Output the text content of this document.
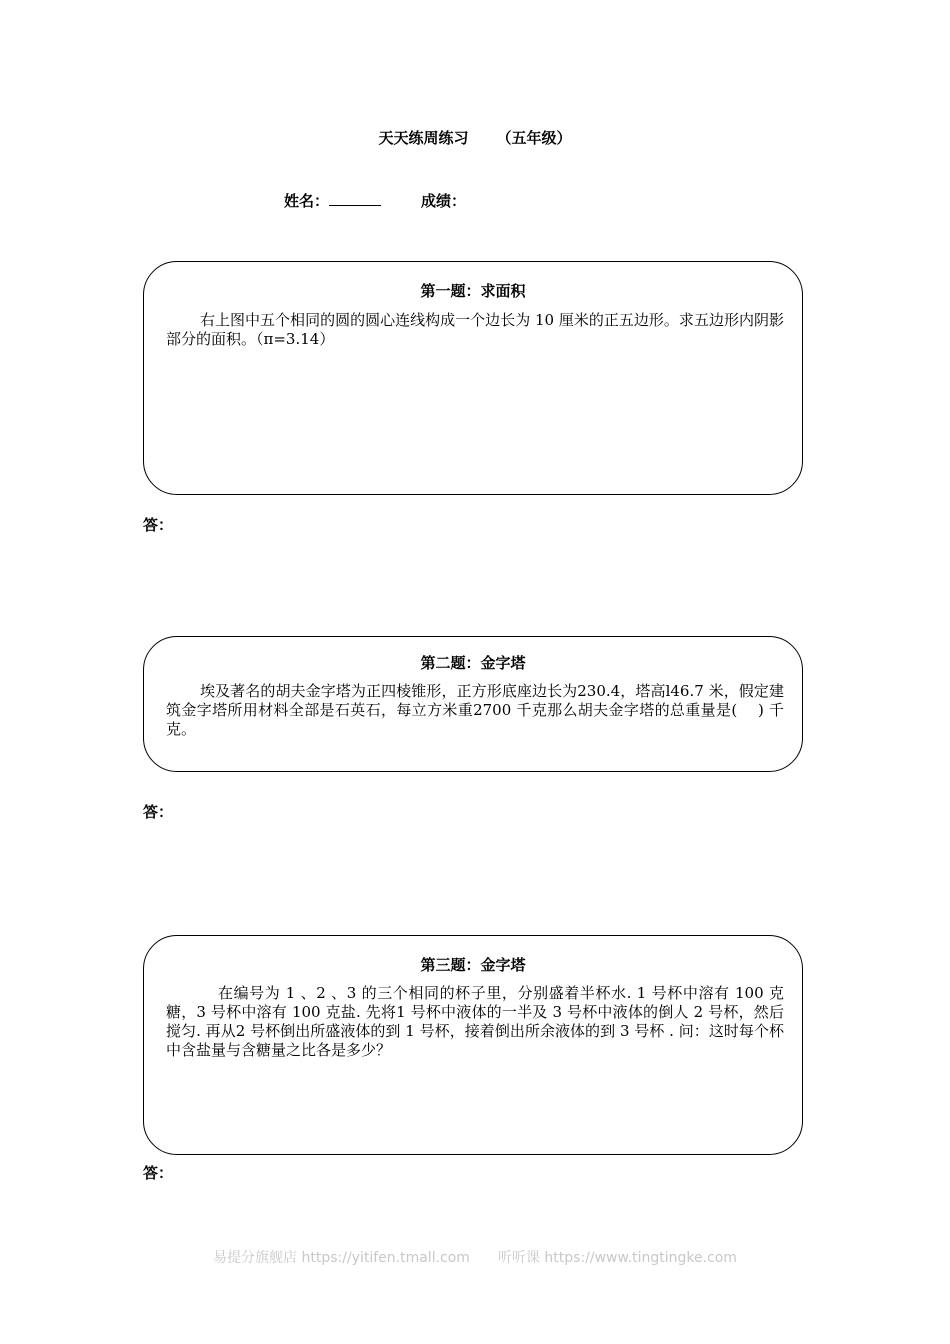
天天练周练习 （五年级）
姓名：	成绩：
第一题：求面积
右上图中五个相同的圆的圆心连线构成一个边长为 10 厘米的正五边形。求五边形内阴影部分的面积。（π=3.14）
答：
第二题：金字塔
埃及著名的胡夫金字塔为正四棱锥形，正方形底座边长为230.4，塔高l46.7 米，假定建筑金字塔所用材料全部是石英石，每立方米重2700 千克那么胡夫金字塔的总重量是(　 ) 千克。
答：
第三题：金字塔
在编号为 1 、2 、3 的三个相同的杯子里，分别盛着半杯水. 1 号杯中溶有 100 克糖，3 号杯中溶有 100 克盐. 先将1 号杯中液体的一半及 3 号杯中液体的倒人 2 号杯，然后搅匀. 再从2 号杯倒出所盛液体的到 1 号杯，接着倒出所余液体的到 3 号杯 . 问：这时每个杯中含盐量与含糖量之比各是多少？
答：
易提分旗舰店 https://yitifen.tmall.com 听听课 https://www.tingtingke.com
